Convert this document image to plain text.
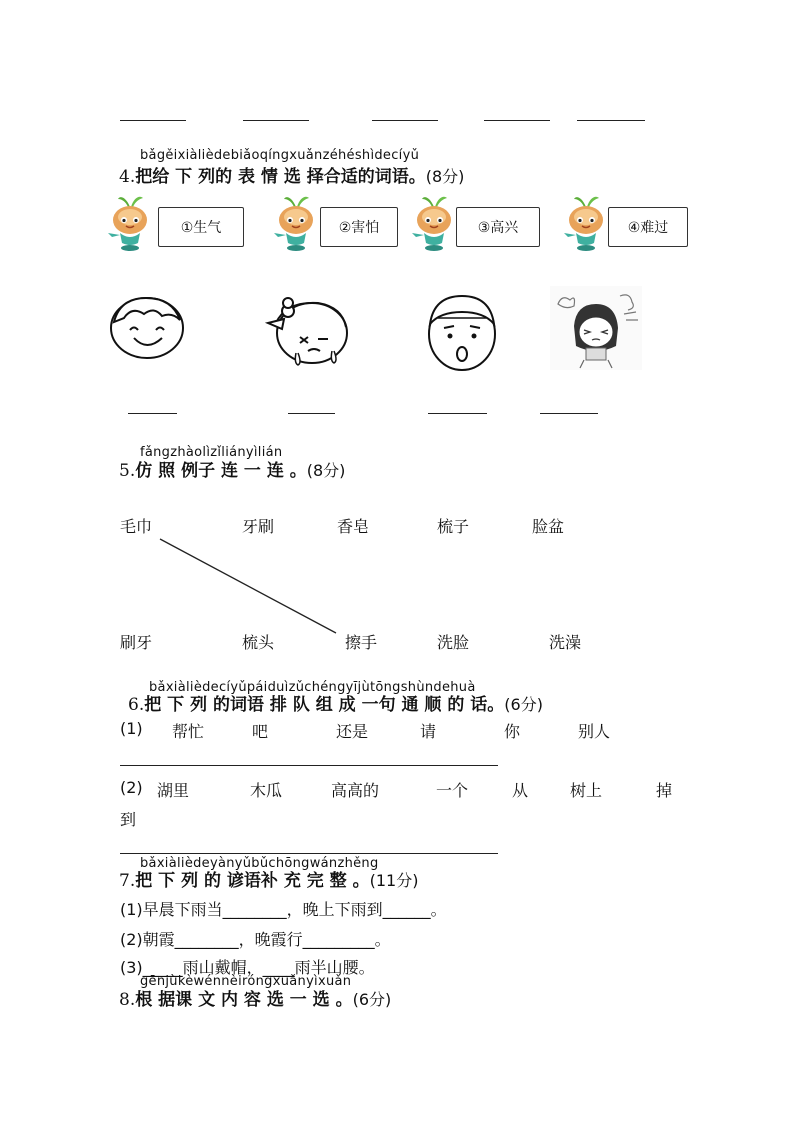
bǎgěixiàlièdebiǎoqíngxuǎnzéhéshìdecíyǔ
4.把给 下 列的 表 情 选 择合适的词语。(8分)
①生气	②害怕	③高兴	④难过
fǎngzhàolìzǐliányìlián
5.仿 照 例子 连 一 连 。(8分)
毛巾	牙刷	香皂	梳子	脸盆
刷牙	梳头	擦手	洗脸	洗澡
bǎxiàlièdecíyǔpáiduìzǔchéngyījùtōngshùndehuà
6.把 下 列 的词语 排 队 组 成 一句 通 顺 的 话。(6分)
(1) 帮忙	吧	还是	请	你	别人
(2) 湖里	木瓜	高高的	一个	从	树上	掉
到
bǎxiàlièdeyànyǔbǔchōngwánzhěng
7.把 下 列 的 谚语补 充 完 整 。(11分)
(1)早晨下雨当________，晚上下雨到______。
(2)朝霞________，晚霞行_________。
(3)_____雨山戴帽，____雨半山腰。
gēnjùkèwénnèiróngxuǎnyìxuǎn
8.根 据课 文 内 容 选 一 选 。(6分)
